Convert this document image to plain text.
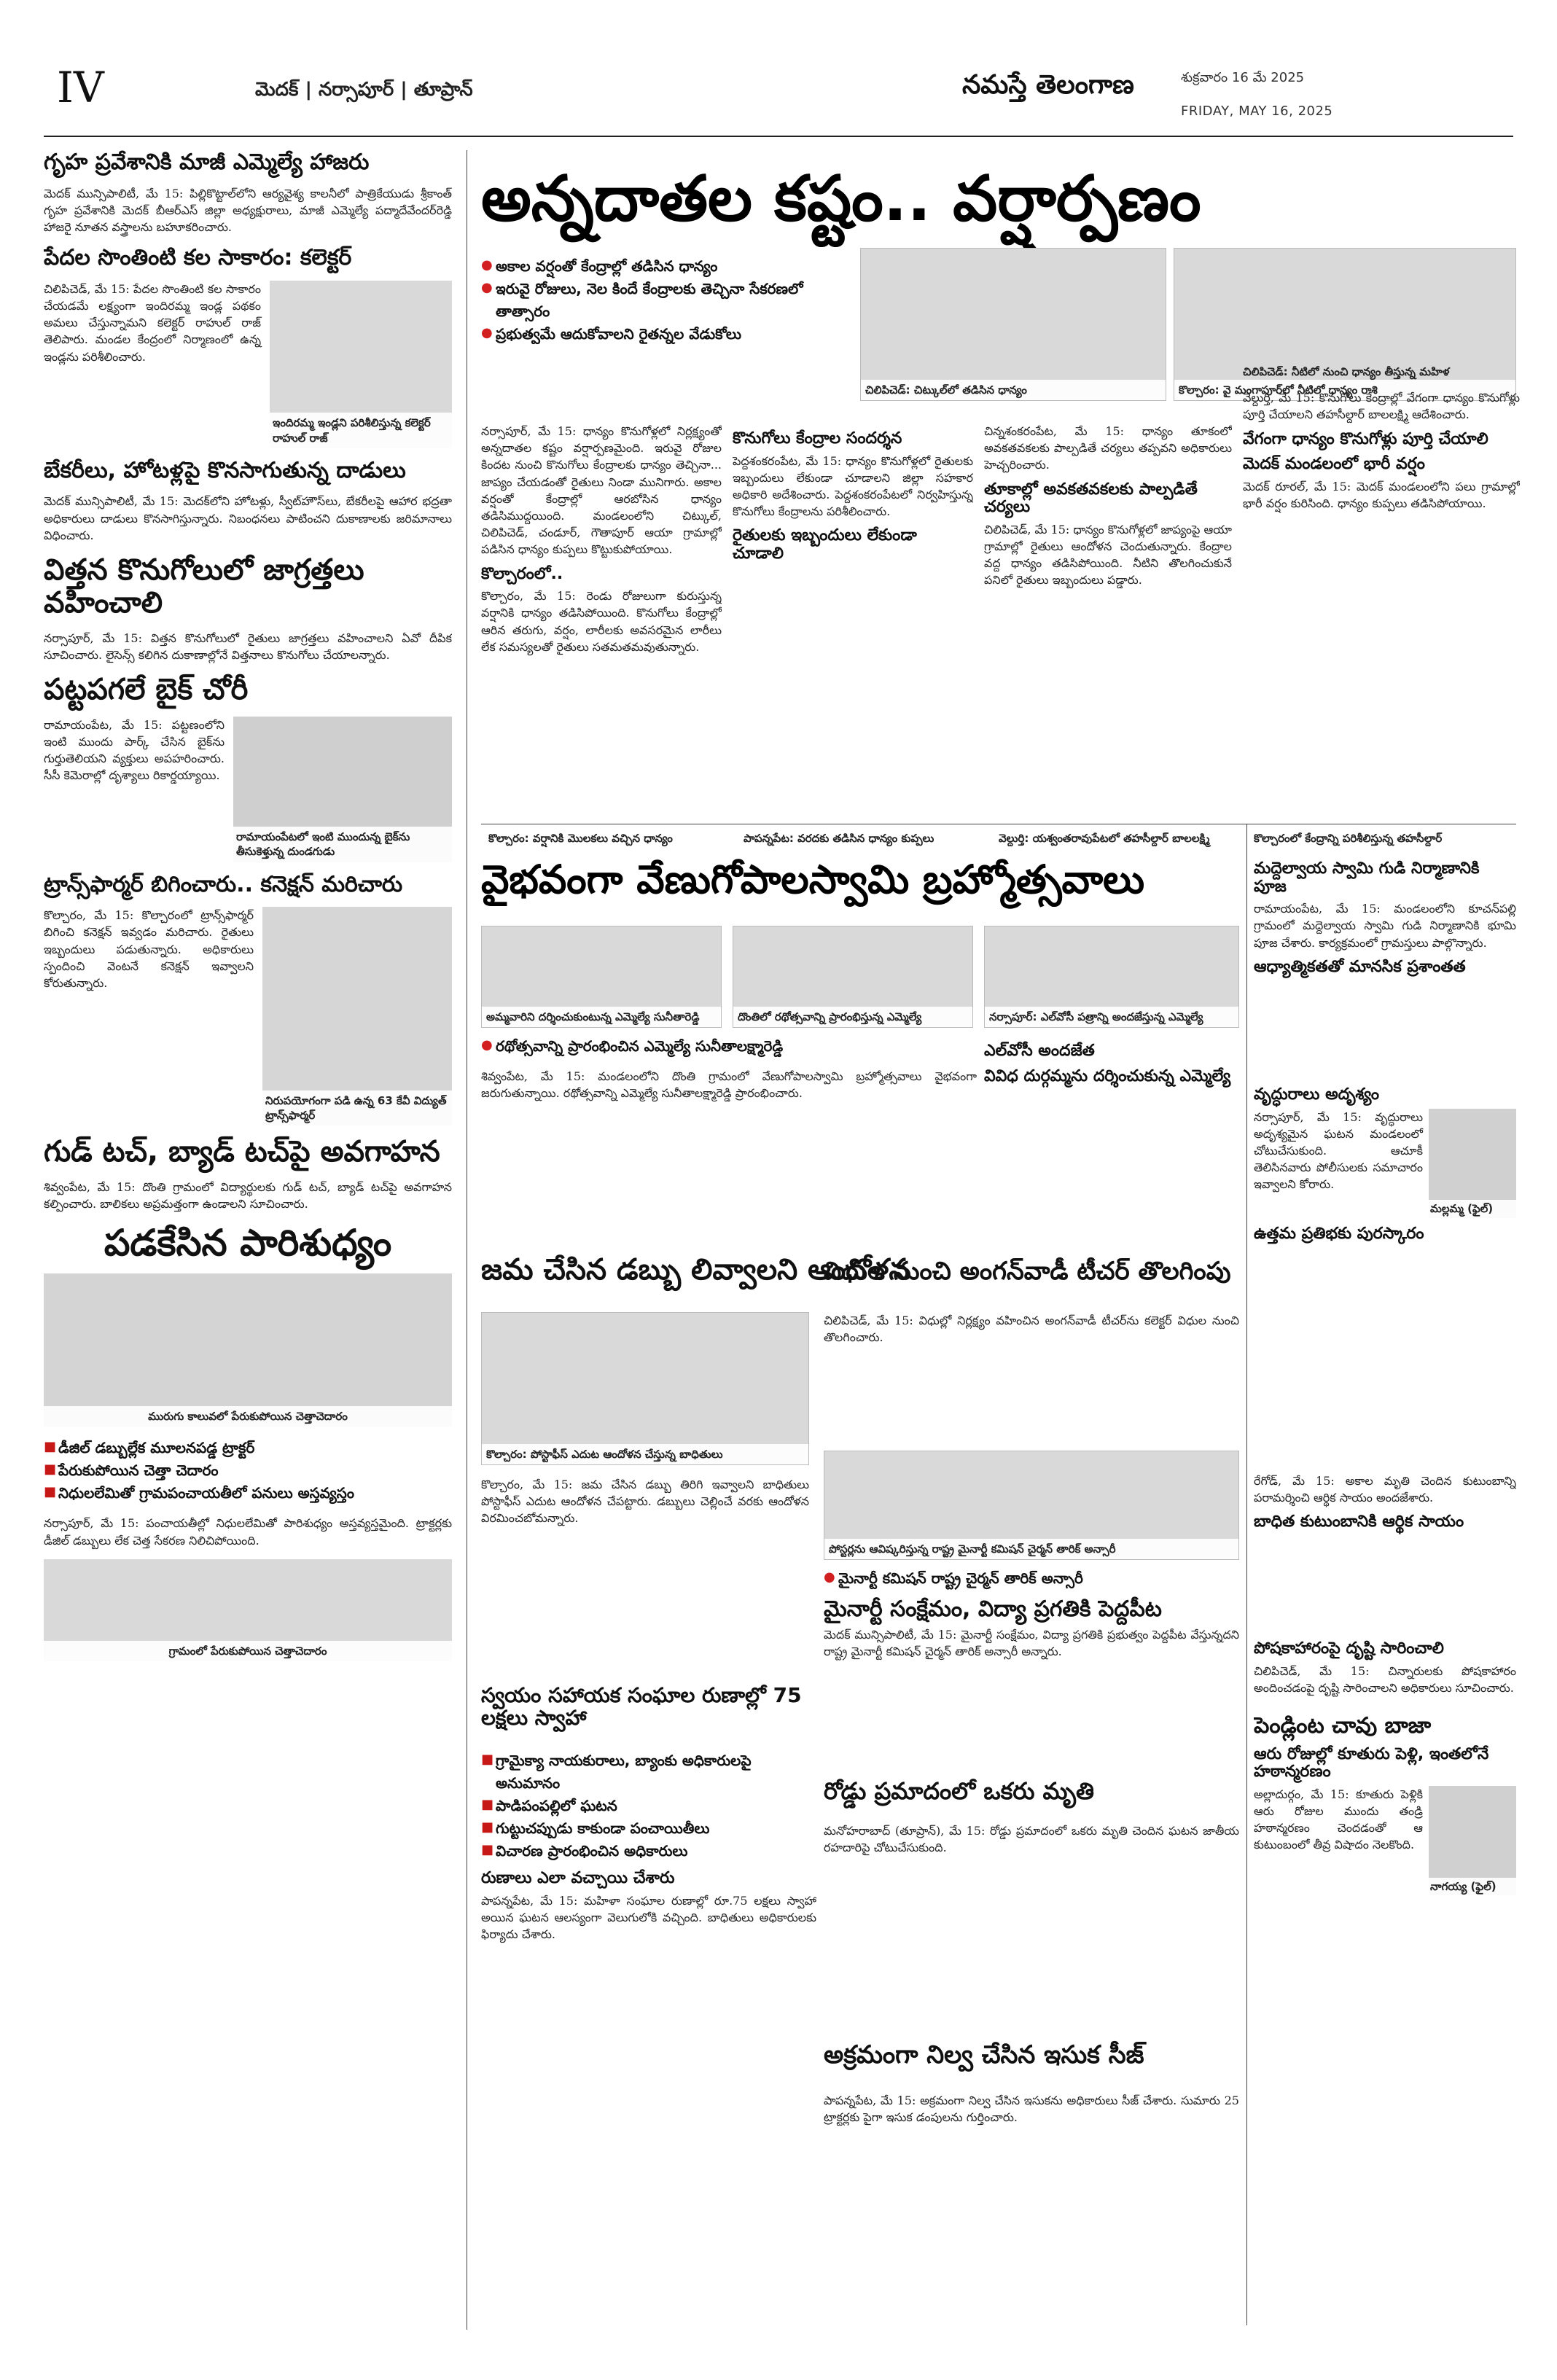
IV	మెదక్ | నర్సాపూర్ | తూప్రాన్	నమస్తే తెలంగాణ	శుక్రవారం 16 మే 2025
FRIDAY, MAY 16, 2025
గృహ ప్రవేశానికి మాజీ ఎమ్మెల్యే హాజరు

మెదక్ మున్సిపాలిటీ, మే 15: పిల్లికొట్టాల్‌లోని ఆర్యవైశ్య కాలనీలో పాత్రికేయుడు శ్రీకాంత్ గృహ ప్రవేశానికి మెదక్ బీఆర్ఎస్ జిల్లా అధ్యక్షురాలు, మాజీ ఎమ్మెల్యే పద్మాదేవేందర్‌రెడ్డి హాజరై నూతన వస్త్రాలను బహూకరించారు.

పేదల సొంతింటి కల సాకారం: కలెక్టర్

చిలిపిచెడ్, మే 15: పేదల సొంతింటి కల సాకారం చేయడమే లక్ష్యంగా ఇందిరమ్మ ఇండ్ల పథకం అమలు చేస్తున్నామని కలెక్టర్ రాహుల్ రాజ్ తెలిపారు. మండల కేంద్రంలో నిర్మాణంలో ఉన్న ఇండ్లను పరిశీలించారు.

ఇందిరమ్మ ఇండ్లని పరిశీలిస్తున్న కలెక్టర్ రాహుల్ రాజ్
బేకరీలు, హోటళ్లపై కొనసాగుతున్న దాడులు

మెదక్ మున్సిపాలిటీ, మే 15: మెదక్‌లోని హోటళ్లు, స్వీట్‌హౌస్‌లు, బేకరీలపై ఆహార భద్రతా అధికారులు దాడులు కొనసాగిస్తున్నారు. నిబంధనలు పాటించని దుకాణాలకు జరిమానాలు విధించారు.

విత్తన కొనుగోలులో జాగ్రత్తలు వహించాలి

నర్సాపూర్, మే 15: విత్తన కొనుగోలులో రైతులు జాగ్రత్తలు వహించాలని ఏవో దీపిక సూచించారు. లైసెన్స్ కలిగిన దుకాణాల్లోనే విత్తనాలు కొనుగోలు చేయాలన్నారు.

పట్టపగలే బైక్ చోరీ

రామాయంపేట, మే 15: పట్టణంలోని ఇంటి ముందు పార్క్ చేసిన బైక్‌ను గుర్తుతెలియని వ్యక్తులు అపహరించారు. సీసీ కెమెరాల్లో దృశ్యాలు రికార్డయ్యాయి.

రామాయంపేటలో ఇంటి ముందున్న బైక్‌ను తీసుకెళ్తున్న దుండగుడు
ట్రాన్స్‌ఫార్మర్ బిగించారు.. కనెక్షన్ మరిచారు

కొల్చారం, మే 15: కొల్చారంలో ట్రాన్స్‌ఫార్మర్ బిగించి కనెక్షన్ ఇవ్వడం మరిచారు. రైతులు ఇబ్బందులు పడుతున్నారు. అధికారులు స్పందించి వెంటనే కనెక్షన్ ఇవ్వాలని కోరుతున్నారు.

నిరుపయోగంగా పడి ఉన్న 63 కేవీ విద్యుత్ ట్రాన్స్‌ఫార్మర్
గుడ్ టచ్, బ్యాడ్ టచ్‌పై అవగాహన

శివ్వంపేట, మే 15: దొంతి గ్రామంలో విద్యార్థులకు గుడ్ టచ్, బ్యాడ్ టచ్‌పై అవగాహన కల్పించారు. బాలికలు అప్రమత్తంగా ఉండాలని సూచించారు.

పడకేసిన పారిశుధ్యం
మురుగు కాలువలో పేరుకుపోయిన చెత్తాచెదారం
■ డీజిల్ డబ్బుల్లేక మూలనపడ్డ ట్రాక్టర్
■ పేరుకుపోయిన చెత్తా చెదారం
■ నిధులలేమితో గ్రామపంచాయతీలో పనులు అస్తవ్యస్తం

నర్సాపూర్, మే 15: పంచాయతీల్లో నిధులలేమితో పారిశుధ్యం అస్తవ్యస్తమైంది. ట్రాక్టర్లకు డీజిల్ డబ్బులు లేక చెత్త సేకరణ నిలిచిపోయింది.

గ్రామంలో పేరుకుపోయిన చెత్తాచెదారం
అన్నదాతల కష్టం.. వర్షార్పణం
● అకాల వర్షంతో కేంద్రాల్లో తడిసిన ధాన్యం
● ఇరువై రోజులు, నెల కిందే కేంద్రాలకు తెచ్చినా సేకరణలో తాత్సారం
● ప్రభుత్వమే ఆదుకోవాలని రైతన్నల వేడుకోలు
చిలిపిచెడ్: చిట్కుల్‌లో తడిసిన ధాన్యం	కొల్చారం: వై మంగాపూర్‌లో నీటిలో ధాన్యం రాశి

నర్సాపూర్, మే 15: ధాన్యం కొనుగోళ్లలో నిర్లక్ష్యంతో అన్నదాతల కష్టం వర్షార్పణమైంది. ఇరువై రోజుల కిందట నుంచి కొనుగోలు కేంద్రాలకు ధాన్యం తెచ్చినా... జాప్యం చేయడంతో రైతులు నిండా మునిగారు. అకాల వర్షంతో కేంద్రాల్లో ఆరబోసిన ధాన్యం తడిసిముద్దయింది. మండలంలోని చిట్కుల్, చిలిపిచెడ్, చండూర్, గౌతాపూర్ ఆయా గ్రామాల్లో పడిసిన ధాన్యం కుప్పలు కొట్టుకుపోయాయి.

కొల్చారంలో..

కొల్చారం, మే 15: రెండు రోజులుగా కురుస్తున్న వర్షానికి ధాన్యం తడిసిపోయింది. కొనుగోలు కేంద్రాల్లో ఆరిన తరుగు, వర్షం, లారీలకు అవసరమైన లారీలు లేక సమస్యలతో రైతులు సతమతమవుతున్నారు.

కొనుగోలు కేంద్రాల సందర్శన

పెద్దశంకరంపేట, మే 15: ధాన్యం కొనుగోళ్లలో రైతులకు ఇబ్బందులు లేకుండా చూడాలని జిల్లా సహకార అధికారి అదేశించారు. పెద్దశంకరంపేటలో నిర్వహిస్తున్న కొనుగోలు కేంద్రాలను పరిశీలించారు.

రైతులకు ఇబ్బందులు లేకుండా చూడాలి

చిన్నశంకరంపేట, మే 15: ధాన్యం తూకంలో అవకతవకలకు పాల్పడితే చర్యలు తప్పవని అధికారులు హెచ్చరించారు.

తూకాల్లో అవకతవకలకు పాల్పడితే చర్యలు

చిలిపిచెడ్, మే 15: ధాన్యం కొనుగోళ్లలో జాప్యంపై ఆయా గ్రామాల్లో రైతులు ఆందోళన చెందుతున్నారు. కేంద్రాల వద్ద ధాన్యం తడిసిపోయింది. నీటిని తొలగించుకునే పనిలో రైతులు ఇబ్బందులు పడ్డారు.

చిలిపిచెడ్: నీటిలో నుంచి ధాన్యం తీస్తున్న మహిళ

వెల్దుర్తి, మే 15: కొనుగోలు కేంద్రాల్లో వేగంగా ధాన్యం కొనుగోళ్లు పూర్తి చేయాలని తహసీల్దార్ బాలలక్ష్మి ఆదేశించారు.

వేగంగా ధాన్యం కొనుగోళ్లు పూర్తి చేయాలి
మెదక్ మండలంలో భారీ వర్షం

మెదక్ రూరల్, మే 15: మెదక్ మండలంలోని పలు గ్రామాల్లో భారీ వర్షం కురిసింది. ధాన్యం కుప్పలు తడిసిపోయాయి.

కొల్చారం: వర్షానికి మొలకలు వచ్చిన ధాన్యం	పాపన్నపేట: వరదకు తడిసిన ధాన్యం కుప్పలు	వెల్దుర్తి: యశ్వంతరావుపేటలో తహసీల్దార్ బాలలక్ష్మి	కొల్చారంలో కేంద్రాన్ని పరిశీలిస్తున్న తహసీల్దార్
వైభవంగా వేణుగోపాలస్వామి బ్రహ్మోత్సవాలు	మద్దెల్వాయ స్వామి గుడి నిర్మాణానికి పూజ

రామాయంపేట, మే 15: మండలంలోని కూచన్‌పల్లి గ్రామంలో మద్దెల్వాయ స్వామి గుడి నిర్మాణానికి భూమి పూజ చేశారు. కార్యక్రమంలో గ్రామస్తులు పాల్గొన్నారు.

ఆధ్యాత్మికతతో మానసిక ప్రశాంతత
అమ్మవారిని దర్శించుకుంటున్న ఎమ్మెల్యే సునీతారెడ్డి	దొంతిలో రథోత్సవాన్ని ప్రారంభిస్తున్న ఎమ్మెల్యే	నర్సాపూర్: ఎల్‌వోసీ పత్రాన్ని అందజేస్తున్న ఎమ్మెల్యే
● రథోత్సవాన్ని ప్రారంభించిన ఎమ్మెల్యే సునీతాలక్ష్మారెడ్డి

శివ్వంపేట, మే 15: మండలంలోని దొంతి గ్రామంలో వేణుగోపాలస్వామి బ్రహ్మోత్సవాలు వైభవంగా జరుగుతున్నాయి. రథోత్సవాన్ని ఎమ్మెల్యే సునీతాలక్ష్మారెడ్డి ప్రారంభించారు.

ఎల్‌వోసీ అందజేత
వివిధ దుర్గమ్మను దర్శించుకున్న ఎమ్మెల్యే
వృద్ధురాలు అదృశ్యం

నర్సాపూర్, మే 15: వృద్ధురాలు అదృశ్యమైన ఘటన మండలంలో చోటుచేసుకుంది. ఆచూకీ తెలిసినవారు పోలీసులకు సమాచారం ఇవ్వాలని కోరారు.

మల్లమ్మ (ఫైల్)
ఉత్తమ ప్రతిభకు పురస్కారం
జమ చేసిన డబ్బు లివ్వాలని ఆందోళన
విధుల నుంచి అంగన్‌వాడీ టీచర్ తొలగింపు

చిలిపిచెడ్, మే 15: విధుల్లో నిర్లక్ష్యం వహించిన అంగన్‌వాడీ టీచర్‌ను కలెక్టర్ విధుల నుంచి తొలగించారు.

కొల్చారం: పోస్టాఫీస్ ఎదుట ఆందోళన చేస్తున్న బాధితులు

కొల్చారం, మే 15: జమ చేసిన డబ్బు తిరిగి ఇవ్వాలని బాధితులు పోస్టాఫీస్ ఎదుట ఆందోళన చేపట్టారు. డబ్బులు చెల్లించే వరకు ఆందోళన విరమించబోమన్నారు.

పోస్టర్లను ఆవిష్కరిస్తున్న రాష్ట్ర మైనార్టీ కమిషన్ చైర్మన్ తారిక్ అన్సారీ
● మైనార్టీ కమిషన్ రాష్ట్ర చైర్మన్ తారిక్ అన్సారీ
మైనార్టీ సంక్షేమం, విద్యా ప్రగతికి పెద్దపీట

మెదక్ మున్సిపాలిటీ, మే 15: మైనార్టీ సంక్షేమం, విద్యా ప్రగతికి ప్రభుత్వం పెద్దపీట వేస్తున్నదని రాష్ట్ర మైనార్టీ కమిషన్ చైర్మన్ తారిక్ అన్సారీ అన్నారు.

రేగోడ్, మే 15: అకాల మృతి చెందిన కుటుంబాన్ని పరామర్శించి ఆర్థిక సాయం అందజేశారు.

బాధిత కుటుంబానికి ఆర్థిక సాయం
స్వయం సహాయక సంఘాల రుణాల్లో 75 లక్షలు స్వాహా
■ గ్రామైక్యా నాయకురాలు, బ్యాంకు అధికారులపై అనుమానం
■ పాడిపంపల్లిలో ఘటన
■ గుట్టుచప్పుడు కాకుండా పంచాయితీలు
■ విచారణ ప్రారంభించిన అధికారులు
రుణాలు ఎలా వచ్చాయి చేశారు

పాపన్నపేట, మే 15: మహిళా సంఘాల రుణాల్లో రూ.75 లక్షలు స్వాహా అయిన ఘటన ఆలస్యంగా వెలుగులోకి వచ్చింది. బాధితులు అధికారులకు ఫిర్యాదు చేశారు.

రోడ్డు ప్రమాదంలో ఒకరు మృతి

మనోహరాబాద్ (తూప్రాన్), మే 15: రోడ్డు ప్రమాదంలో ఒకరు మృతి చెందిన ఘటన జాతీయ రహదారిపై చోటుచేసుకుంది.

అక్రమంగా నిల్వ చేసిన ఇసుక సీజ్

పాపన్నపేట, మే 15: అక్రమంగా నిల్వ చేసిన ఇసుకను అధికారులు సీజ్ చేశారు. సుమారు 25 ట్రాక్టర్లకు పైగా ఇసుక డంపులను గుర్తించారు.

పోషకాహారంపై దృష్టి సారించాలి

చిలిపిచెడ్, మే 15: చిన్నారులకు పోషకాహారం అందించడంపై దృష్టి సారించాలని అధికారులు సూచించారు.

పెండ్లింట చావు బాజా
ఆరు రోజుల్లో కూతురు పెళ్లి, ఇంతలోనే హఠాన్మరణం

అల్లాదుర్గం, మే 15: కూతురు పెళ్లికి ఆరు రోజుల ముందు తండ్రి హఠాన్మరణం చెందడంతో ఆ కుటుంబంలో తీవ్ర విషాదం నెలకొంది.

నాగయ్య (ఫైల్)
